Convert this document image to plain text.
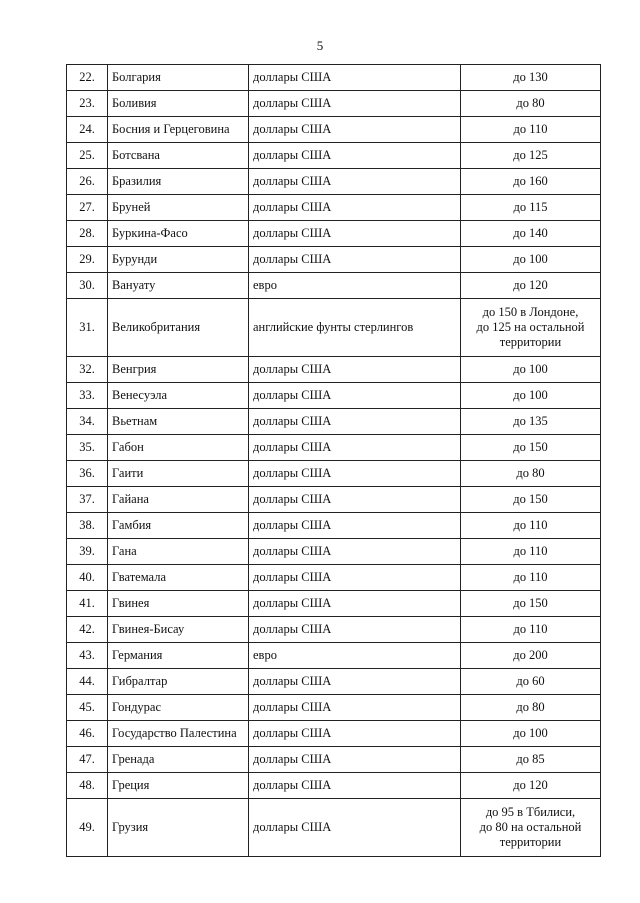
5
22.	Болгария	доллары США	до 130

23.	Боливия	доллары США	до 80

24.	Босния и Герцеговина	доллары США	до 110

25.	Ботсвана	доллары США	до 125

26.	Бразилия	доллары США	до 160

27.	Бруней	доллары США	до 115

28.	Буркина-Фасо	доллары США	до 140

29.	Бурунди	доллары США	до 100

30.	Вануату	евро	до 120

31.	Великобритания	английские фунты стерлингов	до 150 в Лондоне,
до 125 на остальной
территории

32.	Венгрия	доллары США	до 100

33.	Венесуэла	доллары США	до 100

34.	Вьетнам	доллары США	до 135

35.	Габон	доллары США	до 150

36.	Гаити	доллары США	до 80

37.	Гайана	доллары США	до 150

38.	Гамбия	доллары США	до 110

39.	Гана	доллары США	до 110

40.	Гватемала	доллары США	до 110

41.	Гвинея	доллары США	до 150

42.	Гвинея-Бисау	доллары США	до 110

43.	Германия	евро	до 200

44.	Гибралтар	доллары США	до 60

45.	Гондурас	доллары США	до 80

46.	Государство Палестина	доллары США	до 100

47.	Гренада	доллары США	до 85

48.	Греция	доллары США	до 120

49.	Грузия	доллары США	до 95 в Тбилиси,
до 80 на остальной
территории
